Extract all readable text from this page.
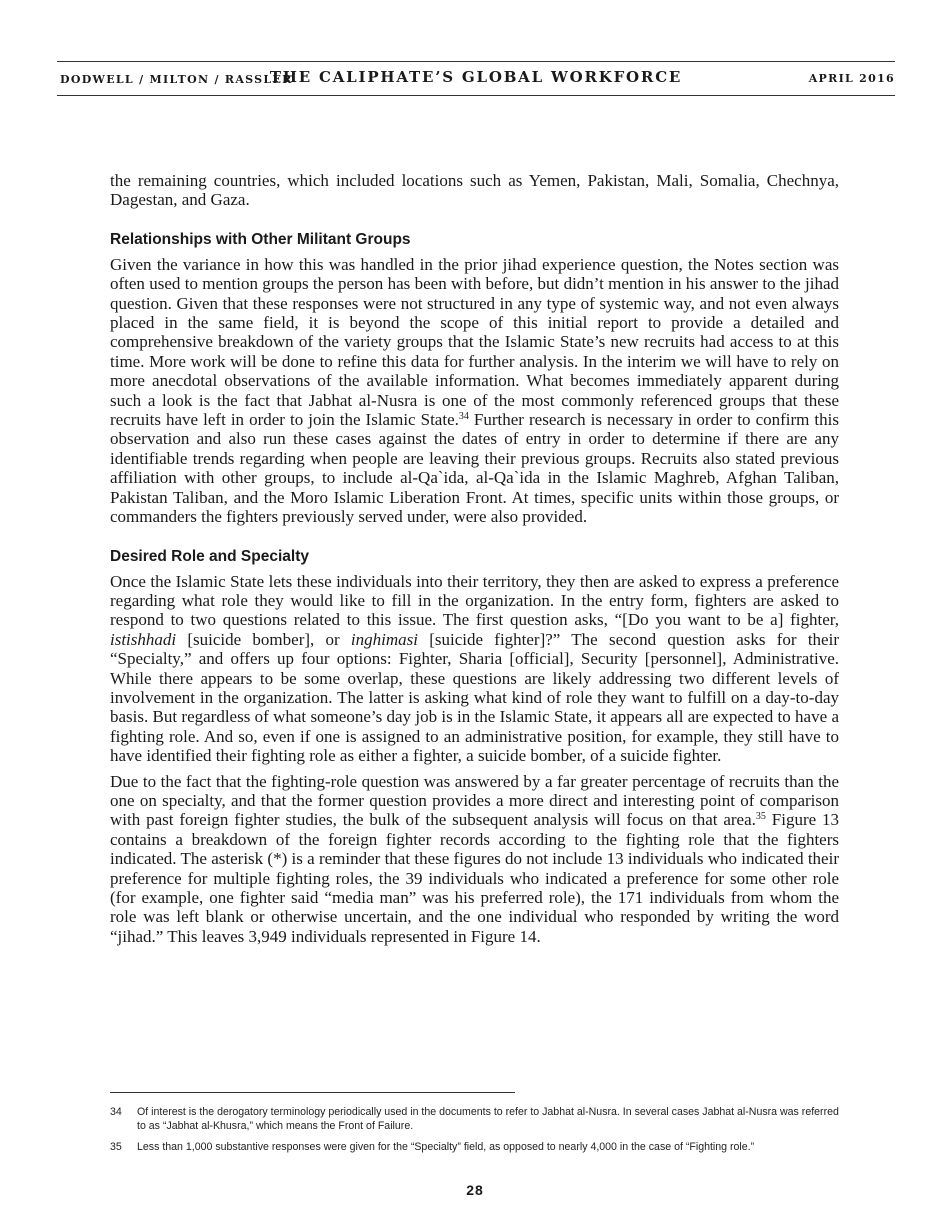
DODWELL / MILTON / RASSLER
THE CALIPHATE’S GLOBAL WORKFORCE	APRIL 2016

the remaining countries, which included locations such as Yemen, Pakistan, Mali, Somalia, Chechnya, Dagestan, and Gaza.

Relationships with Other Militant Groups

Given the variance in how this was handled in the prior jihad experience question, the Notes section was often used to mention groups the person has been with before, but didn’t mention in his answer to the jihad question. Given that these responses were not structured in any type of systemic way, and not even always placed in the same field, it is beyond the scope of this initial report to provide a detailed and comprehensive breakdown of the variety groups that the Islamic State’s new recruits had access to at this time. More work will be done to refine this data for further analysis. In the interim we will have to rely on more anecdotal observations of the available information. What becomes immediately apparent during such a look is the fact that Jabhat al-Nusra is one of the most commonly referenced groups that these recruits have left in order to join the Islamic State.$^{34}$ Further research is necessary in order to confirm this observation and also run these cases against the dates of entry in order to determine if there are any identifiable trends regarding when people are leaving their previous groups. Recruits also stated previous affiliation with other groups, to include al-Qa`ida, al-Qa`ida in the Islamic Maghreb, Afghan Taliban, Pakistan Taliban, and the Moro Islamic Liberation Front. At times, specific units within those groups, or commanders the fighters previously served under, were also provided.

Desired Role and Specialty

Once the Islamic State lets these individuals into their territory, they then are asked to express a preference regarding what role they would like to fill in the organization. In the entry form, fighters are asked to respond to two questions related to this issue. The first question asks, “[Do you want to be a] fighter, istishhadi [suicide bomber], or inghimasi [suicide fighter]?” The second question asks for their “Specialty,” and offers up four options: Fighter, Sharia [official], Security [personnel], Administrative. While there appears to be some overlap, these questions are likely addressing two different levels of involvement in the organization. The latter is asking what kind of role they want to fulfill on a day-to-day basis. But regardless of what someone’s day job is in the Islamic State, it appears all are expected to have a fighting role. And so, even if one is assigned to an administrative position, for example, they still have to have identified their fighting role as either a fighter, a suicide bomber, of a suicide fighter.

Due to the fact that the fighting-role question was answered by a far greater percentage of recruits than the one on specialty, and that the former question provides a more direct and interesting point of comparison with past foreign fighter studies, the bulk of the subsequent analysis will focus on that area.$^{35}$ Figure 13 contains a breakdown of the foreign fighter records according to the fighting role that the fighters indicated. The asterisk (*) is a reminder that these figures do not include 13 individuals who indicated their preference for multiple fighting roles, the 39 individuals who indicated a preference for some other role (for example, one fighter said “media man” was his preferred role), the 171 individuals from whom the role was left blank or otherwise uncertain, and the one individual who responded by writing the word “jihad.” This leaves 3,949 individuals represented in Figure 14.

34	Of interest is the derogatory terminology periodically used in the documents to refer to Jabhat al-Nusra. In several cases Jabhat al-Nusra was referred to as “Jabhat al-Khusra,” which means the Front of Failure.
35	Less than 1,000 substantive responses were given for the “Specialty” field, as opposed to nearly 4,000 in the case of “Fighting role.”
28
